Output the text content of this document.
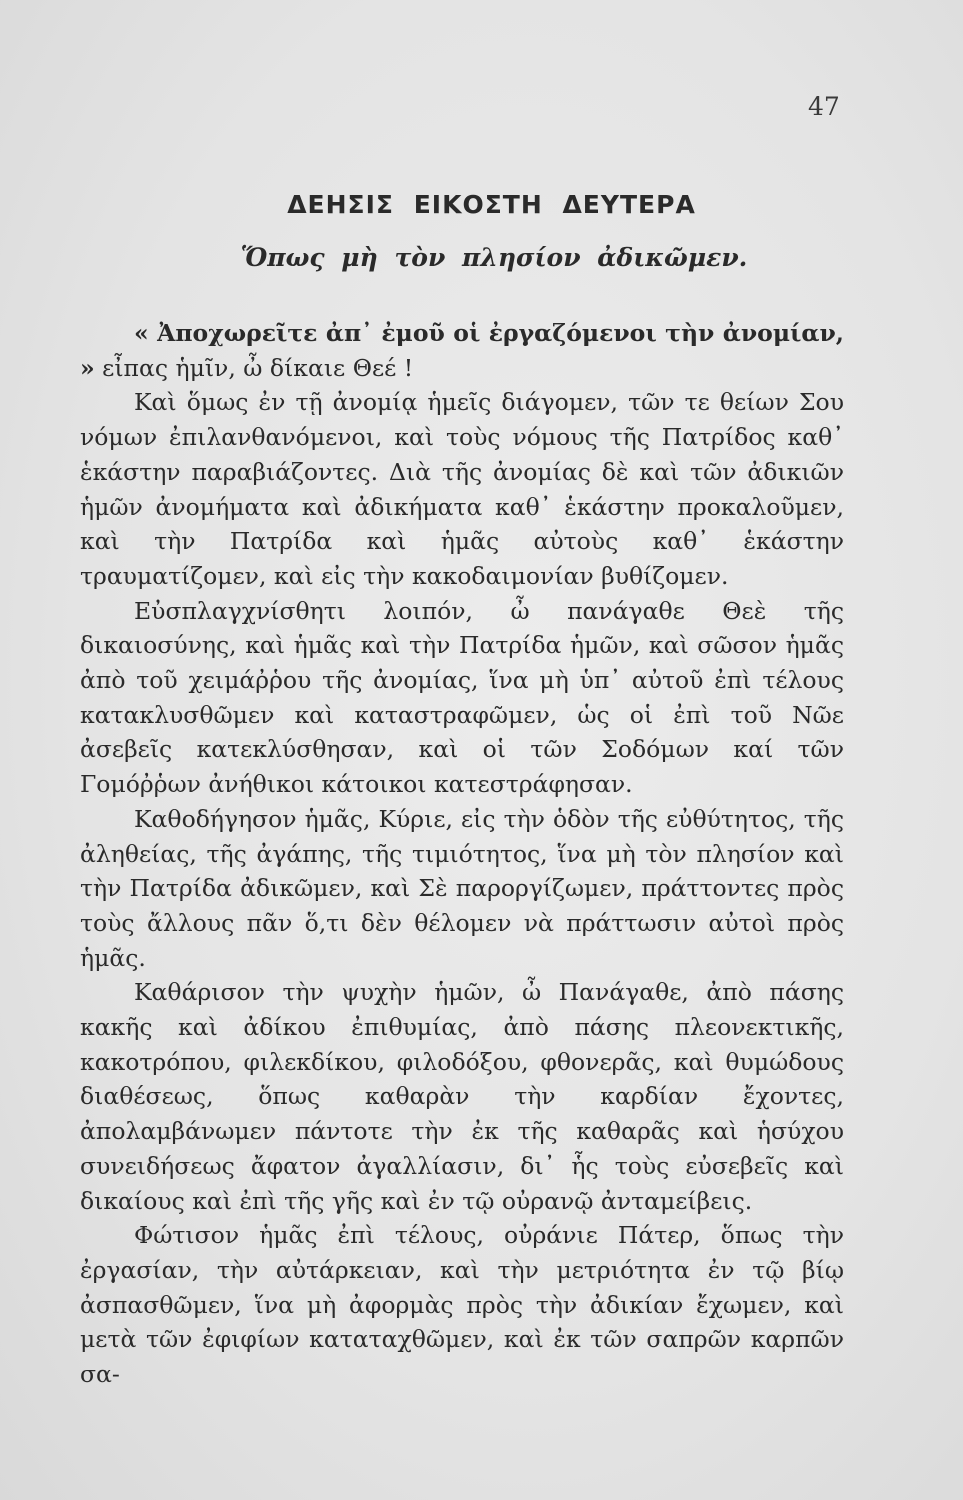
47
ΔΕΗΣΙΣ ΕΙΚΟΣΤΗ ΔΕΥΤΕΡΑ
Ὅπως μὴ τὸν πλησίον ἀδικῶμεν.

« Ἀποχωρεῖτε ἀπ᾽ ἐμοῦ οἱ ἐργαζόμενοι τὴν ἀνομίαν, » εἶπας ἡμῖν, ὦ δίκαιε Θεέ !

Καὶ ὅμως ἐν τῇ ἀνομίᾳ ἡμεῖς διάγομεν, τῶν τε θείων Σου νόμων ἐπιλανθανόμενοι, καὶ τοὺς νόμους τῆς Πατρίδος καθ᾽ ἑκάστην παραβιάζοντες. Διὰ τῆς ἀνομίας δὲ καὶ τῶν ἀδικιῶν ἡμῶν ἀνομήματα καὶ ἀδικήματα καθ᾽ ἑκάστην προκαλοῦμεν, καὶ τὴν Πατρίδα καὶ ἡμᾶς αὐτοὺς καθ᾽ ἑκάστην τραυματίζομεν, καὶ εἰς τὴν κακοδαιμονίαν βυθίζομεν.

Εὐσπλαγχνίσθητι λοιπόν, ὦ πανάγαθε Θεὲ τῆς δικαιοσύνης, καὶ ἡμᾶς καὶ τὴν Πατρίδα ἡμῶν, καὶ σῶσον ἡμᾶς ἀπὸ τοῦ χειμάῤῥου τῆς ἀνομίας, ἵνα μὴ ὑπ᾽ αὐτοῦ ἐπὶ τέλους κατακλυσθῶμεν καὶ καταστραφῶμεν, ὡς οἱ ἐπὶ τοῦ Νῶε ἀσεβεῖς κατεκλύσθησαν, καὶ οἱ τῶν Σοδόμων καί τῶν Γομόῤῥων ἀνήθικοι κάτοικοι κατεστράφησαν.

Καθοδήγησον ἡμᾶς, Κύριε, εἰς τὴν ὁδὸν τῆς εὐθύτητος, τῆς ἀληθείας, τῆς ἀγάπης, τῆς τιμιότητος, ἵνα μὴ τὸν πλησίον καὶ τὴν Πατρίδα ἀδικῶμεν, καὶ Σὲ παροργίζωμεν, πράττοντες πρὸς τοὺς ἄλλους πᾶν ὅ,τι δὲν θέλομεν νὰ πράττωσιν αὐτοὶ πρὸς ἡμᾶς.

Καθάρισον τὴν ψυχὴν ἡμῶν, ὦ Πανάγαθε, ἀπὸ πάσης κακῆς καὶ ἀδίκου ἐπιθυμίας, ἀπὸ πάσης πλεονεκτικῆς, κακοτρόπου, φιλεκδίκου, φιλοδόξου, φθονερᾶς, καὶ θυμώδους διαθέσεως, ὅπως καθαρὰν τὴν καρδίαν ἔχοντες, ἀπολαμβάνωμεν πάντοτε τὴν ἐκ τῆς καθαρᾶς καὶ ἡσύχου συνειδήσεως ἄφατον ἀγαλλίασιν, δι᾽ ἧς τοὺς εὐσεβεῖς καὶ δικαίους καὶ ἐπὶ τῆς γῆς καὶ ἐν τῷ οὐρανῷ ἀνταμείβεις.

Φώτισον ἡμᾶς ἐπὶ τέλους, οὐράνιε Πάτερ, ὅπως τὴν ἐργασίαν, τὴν αὐτάρκειαν, καὶ τὴν μετριότητα ἐν τῷ βίῳ ἀσπασθῶμεν, ἵνα μὴ ἀφορμὰς πρὸς τὴν ἀδικίαν ἔχωμεν, καὶ μετὰ τῶν ἐφιφίων καταταχθῶμεν, καὶ ἐκ τῶν σαπρῶν καρπῶν σα-
